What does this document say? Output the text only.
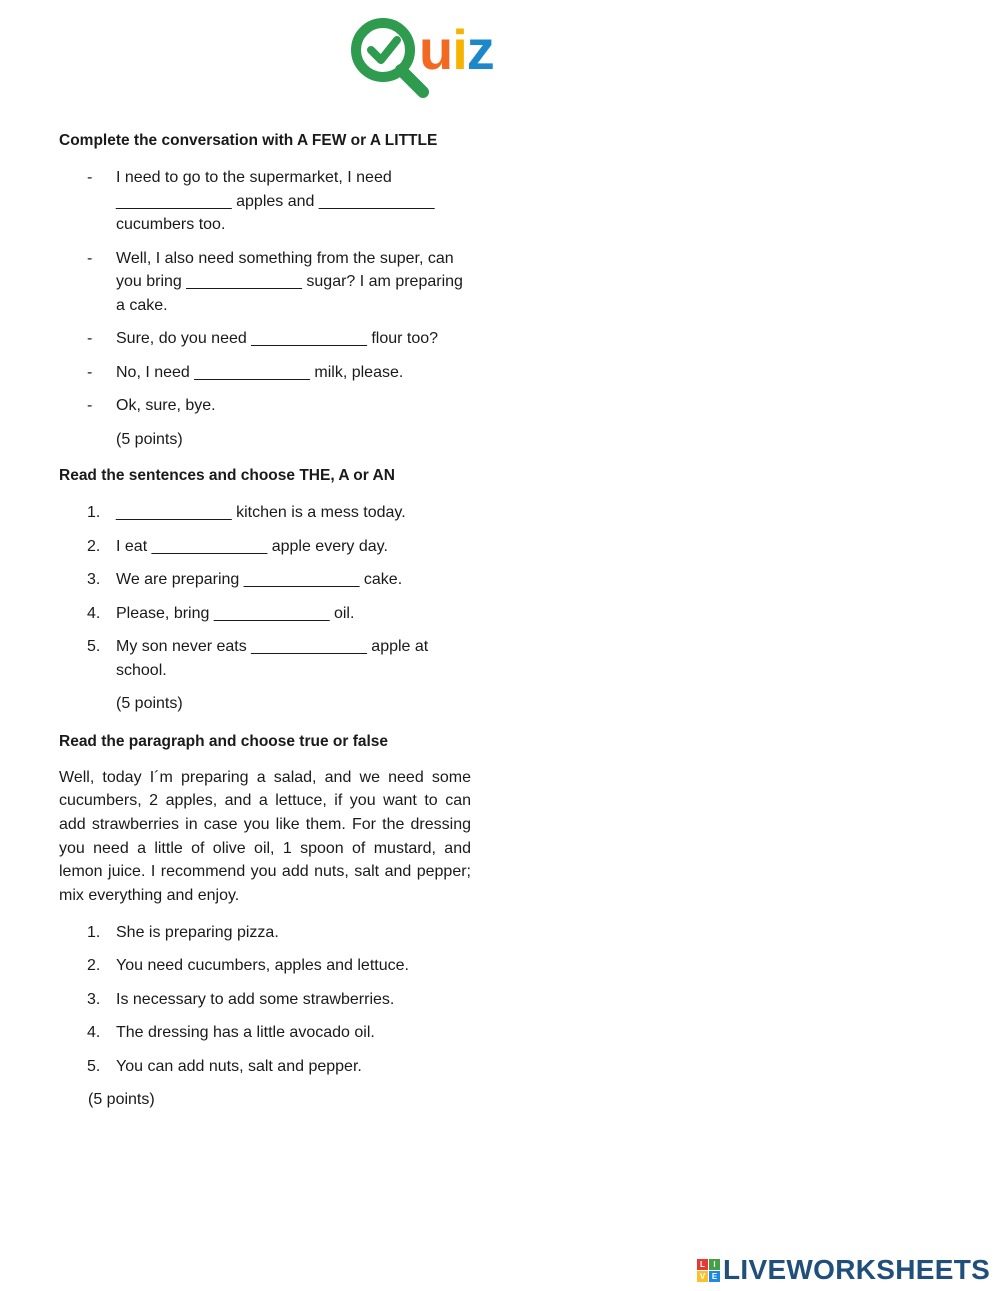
uiz
Complete the conversation with A FEW or A LITTLE
- I need to go to the supermarket, I need
_____________ apples and _____________
cucumbers too.
- Well, I also need something from the super, can
you bring _____________ sugar? I am preparing
a cake.
- Sure, do you need _____________ flour too?
- No, I need _____________ milk, please.
- Ok, sure, bye.
(5 points)
Read the sentences and choose THE, A or AN
1. _____________ kitchen is a mess today.
2. I eat _____________ apple every day.
3. We are preparing _____________ cake.
4. Please, bring _____________ oil.
5. My son never eats _____________ apple at
school.
(5 points)
Read the paragraph and choose true or false

Well, today I´m preparing a salad, and we need some cucumbers, 2 apples, and a lettuce, if you want to can add strawberries in case you like them. For the dressing you need a little of olive oil, 1 spoon of mustard, and lemon juice. I recommend you add nuts, salt and pepper; mix everything and enjoy.

1. She is preparing pizza.
2. You need cucumbers, apples and lettuce.
3. Is necessary to add some strawberries.
4. The dressing has a little avocado oil.
5. You can add nuts, salt and pepper.
(5 points)
L	I
V E LIVEWORKSHEETS
